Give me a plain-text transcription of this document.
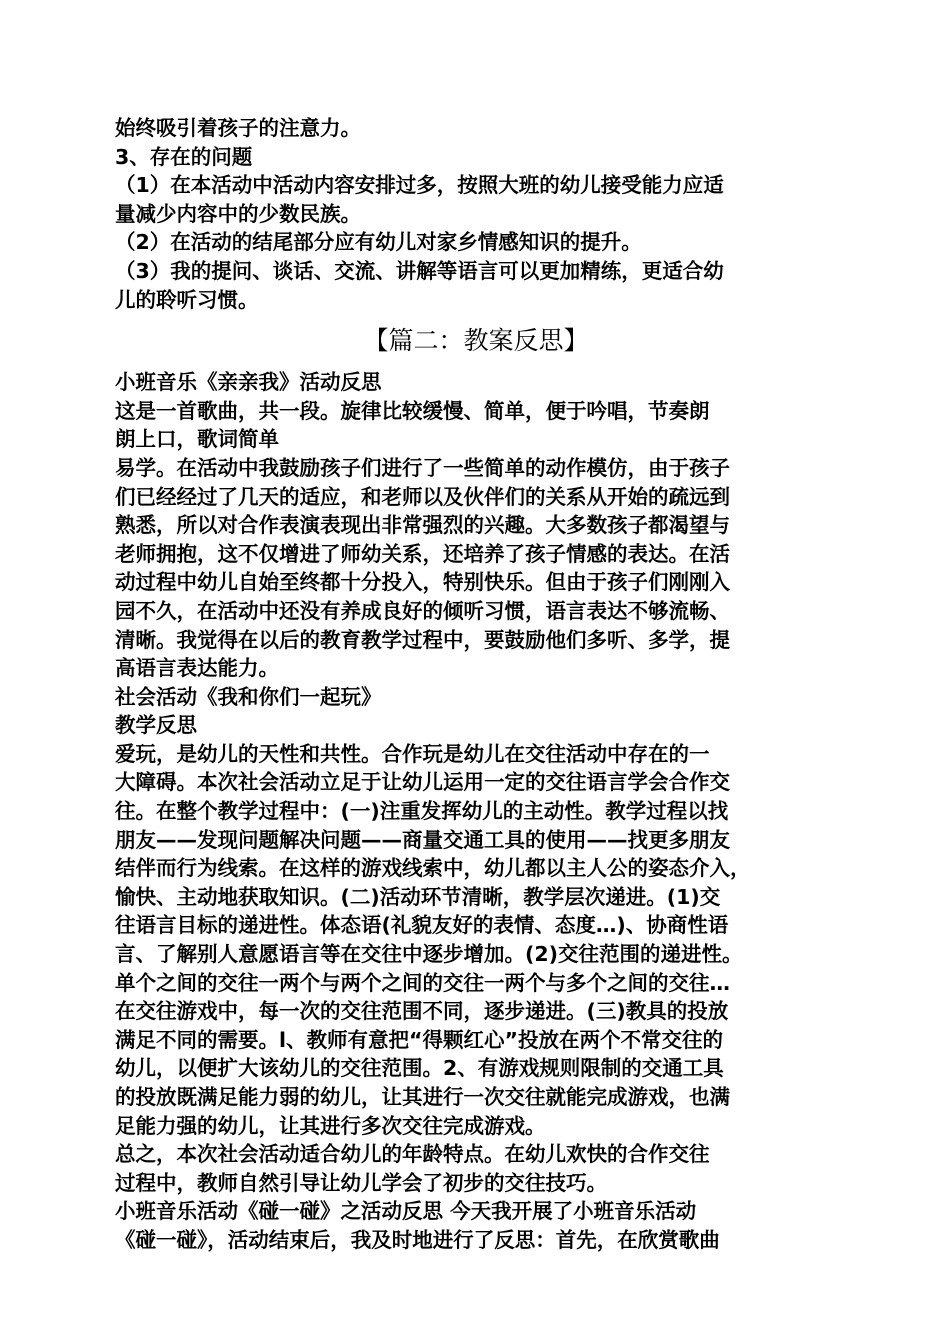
始终吸引着孩子的注意力。
3、存在的问题
（1）在本活动中活动内容安排过多，按照大班的幼儿接受能力应适
量减少内容中的少数民族。
（2）在活动的结尾部分应有幼儿对家乡情感知识的提升。
（3）我的提问、谈话、交流、讲解等语言可以更加精练，更适合幼
儿的聆听习惯。
【篇二：教案反思】
小班音乐《亲亲我》活动反思
这是一首歌曲，共一段。旋律比较缓慢、简单，便于吟唱，节奏朗
朗上口，歌词简单
易学。在活动中我鼓励孩子们进行了一些简单的动作模仿，由于孩子
们已经经过了几天的适应，和老师以及伙伴们的关系从开始的疏远到
熟悉，所以对合作表演表现出非常强烈的兴趣。大多数孩子都渴望与
老师拥抱，这不仅增进了师幼关系，还培养了孩子情感的表达。在活
动过程中幼儿自始至终都十分投入，特别快乐。但由于孩子们刚刚入
园不久，在活动中还没有养成良好的倾听习惯，语言表达不够流畅、
清晰。我觉得在以后的教育教学过程中，要鼓励他们多听、多学，提
高语言表达能力。
社会活动《我和你们一起玩》
教学反思
爱玩，是幼儿的天性和共性。合作玩是幼儿在交往活动中存在的一
大障碍。本次社会活动立足于让幼儿运用一定的交往语言学会合作交
往。在整个教学过程中：(一)注重发挥幼儿的主动性。教学过程以找
朋友——发现问题解决问题——商量交通工具的使用——找更多朋友
结伴而行为线索。在这样的游戏线索中，幼儿都以主人公的姿态介入，
愉快、主动地获取知识。(二)活动环节清晰，教学层次递进。(1)交
往语言目标的递进性。体态语(礼貌友好的表情、态度…)、协商性语
言、了解别人意愿语言等在交往中逐步增加。(2)交往范围的递进性。
单个之间的交往一两个与两个之间的交往一两个与多个之间的交往…
在交往游戏中，每一次的交往范围不同，逐步递进。(三)教具的投放
满足不同的需要。l、教师有意把“得颗红心”投放在两个不常交往的
幼儿，以便扩大该幼儿的交往范围。2、有游戏规则限制的交通工具
的投放既满足能力弱的幼儿，让其进行一次交往就能完成游戏，也满
足能力强的幼儿，让其进行多次交往完成游戏。
总之，本次社会活动适合幼儿的年龄特点。在幼儿欢快的合作交往
过程中，教师自然引导让幼儿学会了初步的交往技巧。
小班音乐活动《碰一碰》之活动反思 今天我开展了小班音乐活动
《碰一碰》，活动结束后，我及时地进行了反思：首先，在欣赏歌曲
